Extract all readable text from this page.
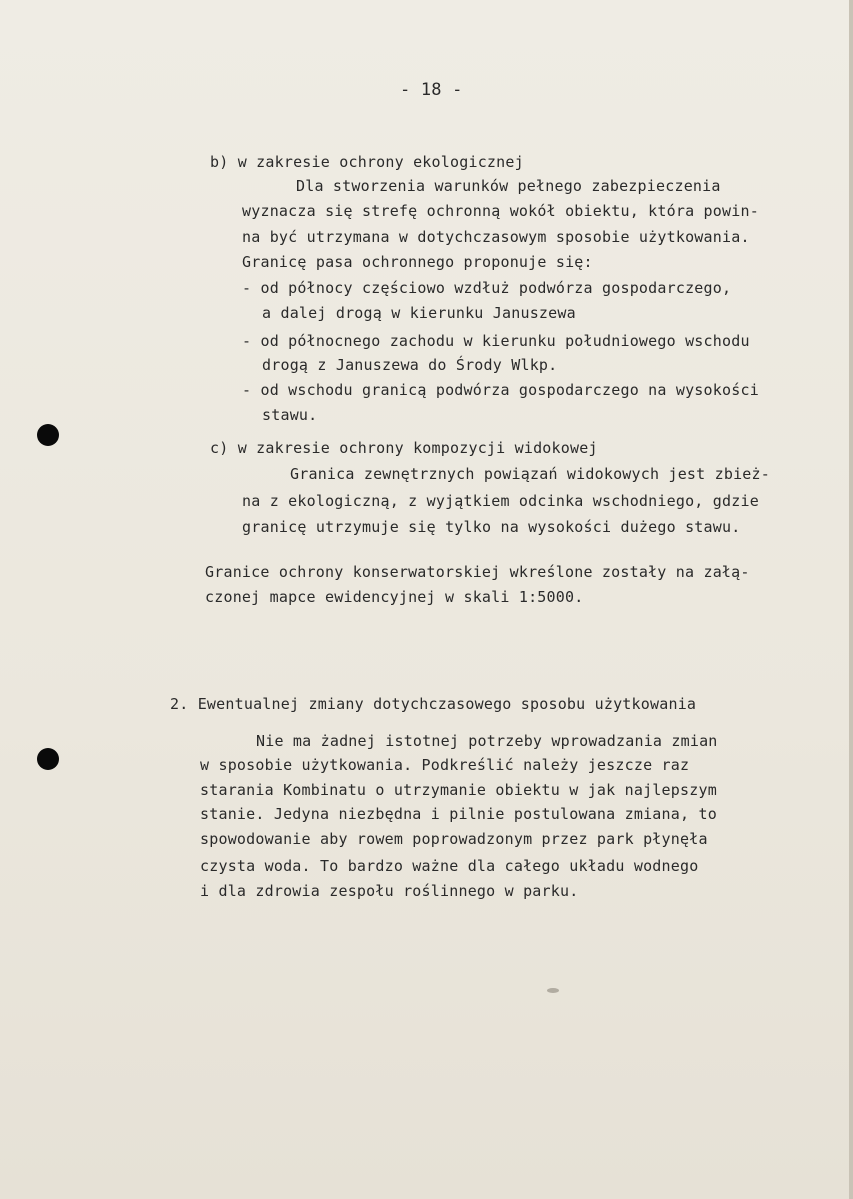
- 18 -
b) w zakresie ochrony ekologicznej
Dla stworzenia warunków pełnego zabezpieczenia
wyznacza się strefę ochronną wokół obiektu, która powin-
na być utrzymana w dotychczasowym sposobie użytkowania.
Granicę pasa ochronnego proponuje się:
- od północy częściowo wzdłuż podwórza gospodarczego,
a dalej drogą w kierunku Januszewa
- od północnego zachodu w kierunku południowego wschodu
drogą z Januszewa do Środy Wlkp.
- od wschodu granicą podwórza gospodarczego na wysokości
stawu.
c) w zakresie ochrony kompozycji widokowej
Granica zewnętrznych powiązań widokowych jest zbież-
na z ekologiczną, z wyjątkiem odcinka wschodniego, gdzie
granicę utrzymuje się tylko na wysokości dużego stawu.
Granice ochrony konserwatorskiej wkreślone zostały na załą-
czonej mapce ewidencyjnej w skali 1:5000.
2. Ewentualnej zmiany dotychczasowego sposobu użytkowania
Nie ma żadnej istotnej potrzeby wprowadzania zmian
w sposobie użytkowania. Podkreślić należy jeszcze raz
starania Kombinatu o utrzymanie obiektu w jak najlepszym
stanie. Jedyna niezbędna i pilnie postulowana zmiana, to
spowodowanie aby rowem poprowadzonym przez park płynęła
czysta woda. To bardzo ważne dla całego układu wodnego
i dla zdrowia zespołu roślinnego w parku.
